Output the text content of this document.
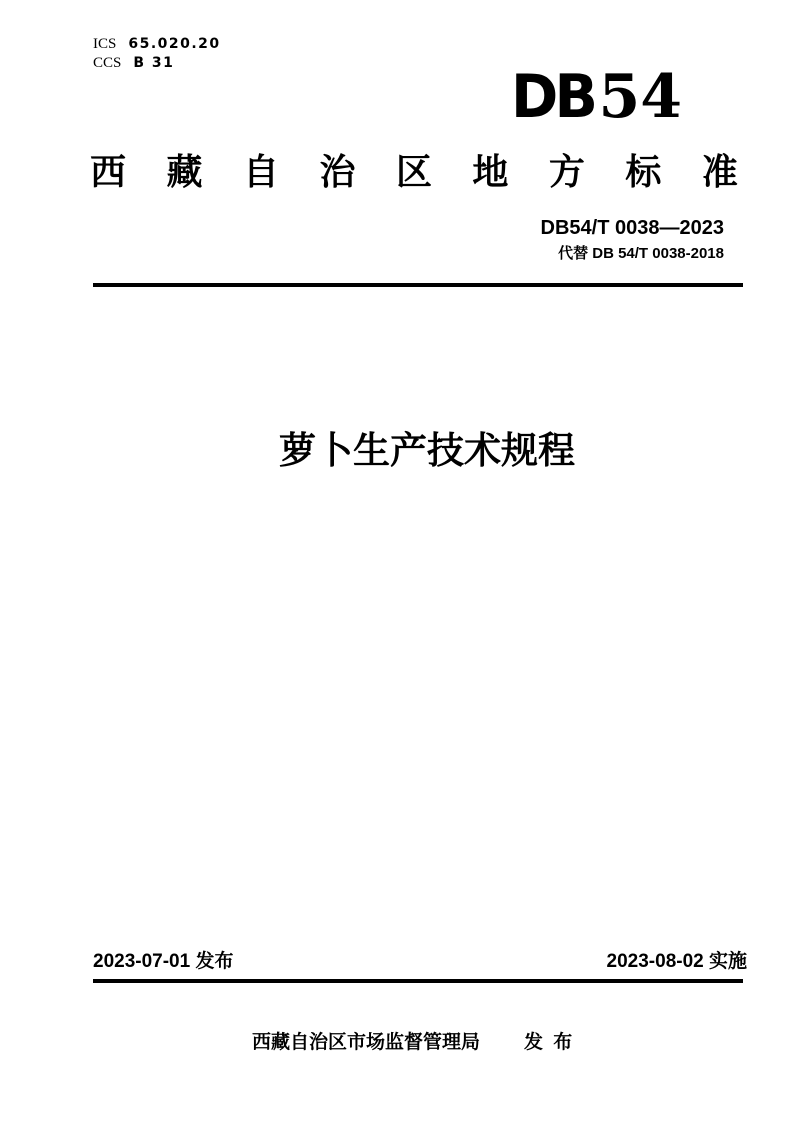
ICS 65.020.20
CCS B 31	DB54
西 藏 自 治 区 地 方 标 准
DB54/T 0038—2023
代替 DB 54/T 0038-2018
萝卜生产技术规程
2023-07-01 发布	2023-08-02 实施
西藏自治区市场监督管理局 发 布
